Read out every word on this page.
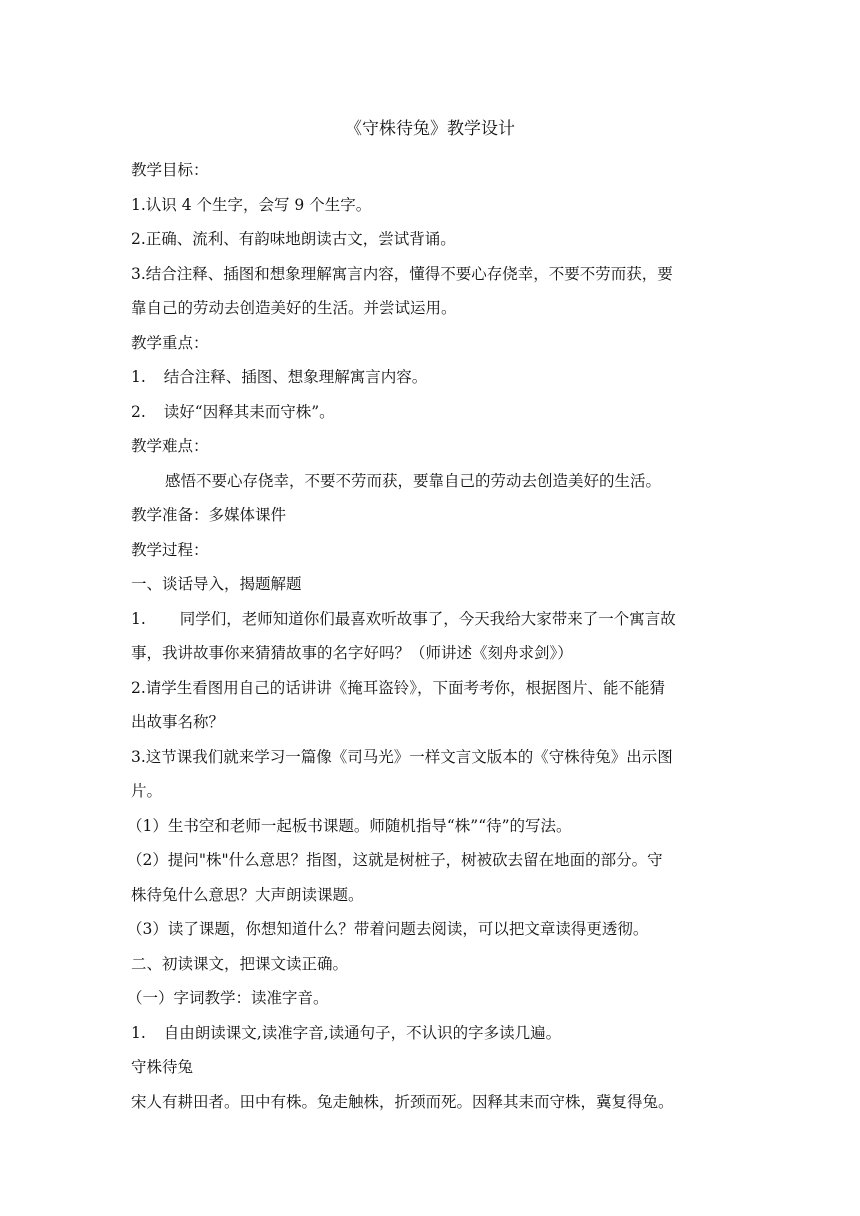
《守株待兔》教学设计
教学目标：
1.认识 4 个生字，会写 9 个生字。
2.正确、流利、有韵味地朗读古文，尝试背诵。
3.结合注释、插图和想象理解寓言内容，懂得不要心存侥幸，不要不劳而获，要
靠自己的劳动去创造美好的生活。并尝试运用。
教学重点：
1. 结合注释、插图、想象理解寓言内容。
2. 读好“因释其耒而守株”。
教学难点：
感悟不要心存侥幸，不要不劳而获，要靠自己的劳动去创造美好的生活。
教学准备：多媒体课件
教学过程：
一、谈话导入，揭题解题
1. 同学们，老师知道你们最喜欢听故事了，今天我给大家带来了一个寓言故
事，我讲故事你来猜猜故事的名字好吗？（师讲述《刻舟求剑》）
2.请学生看图用自己的话讲讲《掩耳盗铃》，下面考考你，根据图片、能不能猜
出故事名称？
3.这节课我们就来学习一篇像《司马光》一样文言文版本的《守株待兔》出示图
片。
（1）生书空和老师一起板书课题。师随机指导“株”“待”的写法。
（2）提问"株"什么意思？指图，这就是树桩子，树被砍去留在地面的部分。守
株待兔什么意思？大声朗读课题。
（3）读了课题，你想知道什么？带着问题去阅读，可以把文章读得更透彻。
二、初读课文，把课文读正确。
（一）字词教学：读准字音。
1. 自由朗读课文,读准字音,读通句子，不认识的字多读几遍。
守株待兔
宋人有耕田者。田中有株。兔走触株，折颈而死。因释其耒而守株，冀复得兔。
